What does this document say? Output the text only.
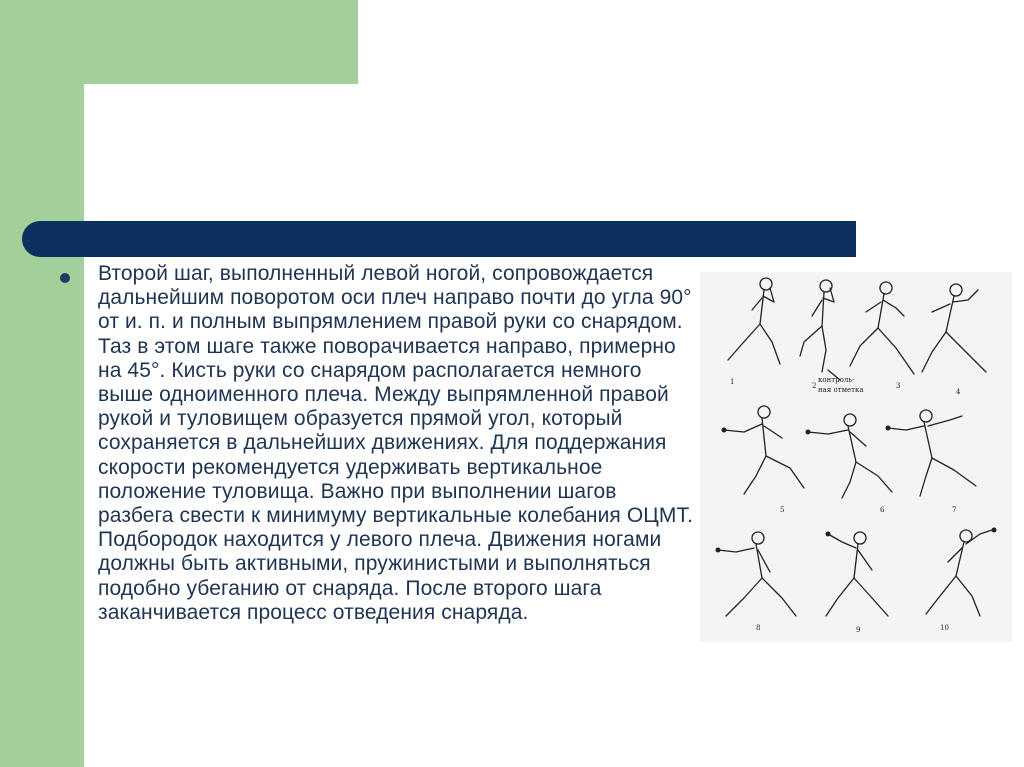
Второй шаг, выполненный левой ногой, сопровождается дальнейшим поворотом оси плеч направо почти до угла 90° от и. п. и полным выпрямлением правой руки со снарядом. Таз в этом шаге также поворачивается направо, примерно на 45°. Кисть руки со снарядом располагается немного выше одноименного плеча. Между выпрямленной правой рукой и туловищем образуется прямой угол, который сохраняется в дальнейших движениях. Для поддержания скорости рекомендуется удерживать вертикальное положение туловища. Важно при выполнении шагов разбега свести к минимуму вертикальные колебания ОЦМТ. Подбородок находится у левого плеча. Движения ногами должны быть активными, пружинистыми и выполняться подобно убеганию от снаряда. После второго шага заканчивается процесс отведения снаряда.

1	2	3
4
5	6	7
8	9	10
контроль-
ная отметка
